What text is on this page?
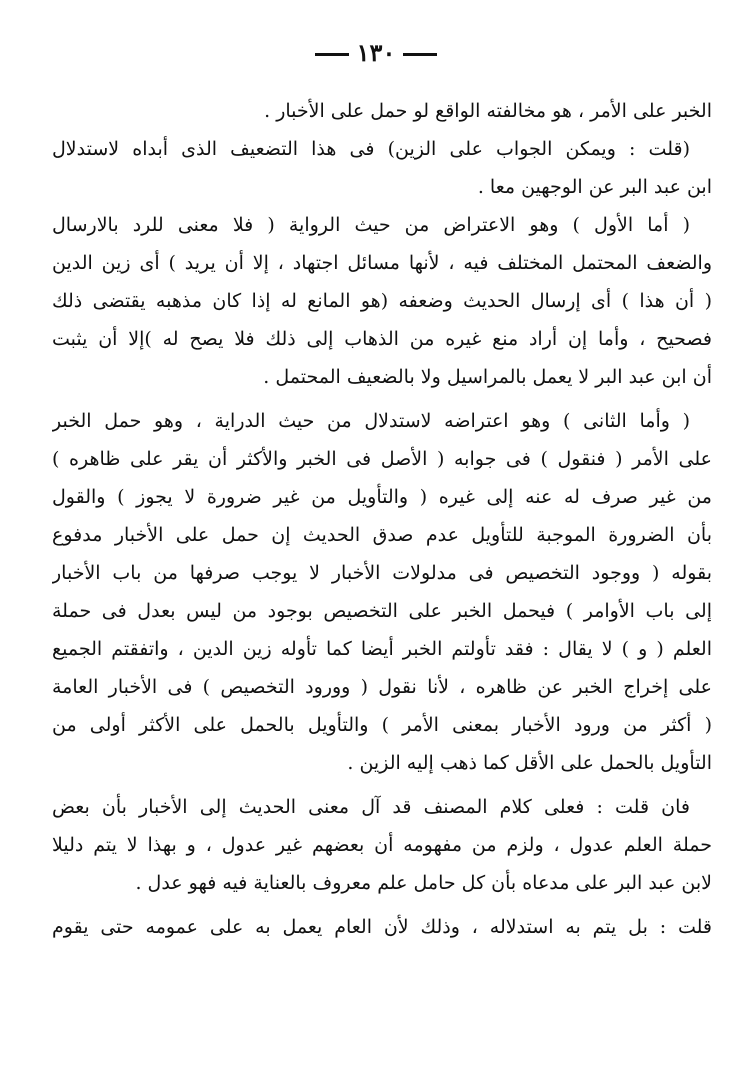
١٣٠
الخبر على الأمر ، هو مخالفته الواقع لو حمل على الأخبار .
(قلت : ويمكن الجواب على الزين) فى هذا التضعيف الذى أبداه لاستدلال
ابن عبد البر عن الوجهين معا .
( أما الأول ) وهو الاعتراض من حيث الرواية ( فلا معنى للرد بالارسال
والضعف المحتمل المختلف فيه ، لأنها مسائل اجتهاد ، إلا أن يريد ) أى زين الدين
( أن هذا ) أى إرسال الحديث وضعفه (هو المانع له إذا كان مذهبه يقتضى ذلك
فصحيح ، وأما إن أراد منع غيره من الذهاب إلى ذلك فلا يصح له )إلا أن يثبت
أن ابن عبد البر لا يعمل بالمراسيل ولا بالضعيف المحتمل .
( وأما الثانى ) وهو اعتراضه لاستدلال من حيث الدراية ، وهو حمل الخبر
على الأمر ( فنقول ) فى جوابه ( الأصل فى الخبر والأكثر أن يقر على ظاهره )
من غير صرف له عنه إلى غيره ( والتأويل من غير ضرورة لا يجوز ) والقول
بأن الضرورة الموجبة للتأويل عدم صدق الحديث إن حمل على الأخبار مدفوع
بقوله ( ووجود التخصيص فى مدلولات الأخبار لا يوجب صرفها من باب الأخبار
إلى باب الأوامر ) فيحمل الخبر على التخصيص بوجود من ليس بعدل فى حملة
العلم ( و ) لا يقال : فقد تأولتم الخبر أيضا كما تأوله زين الدين ، واتفقتم الجميع
على إخراج الخبر عن ظاهره ، لأنا نقول ( وورود التخصيص ) فى الأخبار العامة
( أكثر من ورود الأخبار بمعنى الأمر ) والتأويل بالحمل على الأكثر أولى من
التأويل بالحمل على الأقل كما ذهب إليه الزين .
فان قلت : فعلى كلام المصنف قد آل معنى الحديث إلى الأخبار بأن بعض
حملة العلم عدول ، ولزم من مفهومه أن بعضهم غير عدول ، و بهذا لا يتم دليلا
لابن عبد البر على مدعاه بأن كل حامل علم معروف بالعناية فيه فهو عدل .
قلت : بل يتم به استدلاله ، وذلك لأن العام يعمل به على عمومه حتى يقوم
